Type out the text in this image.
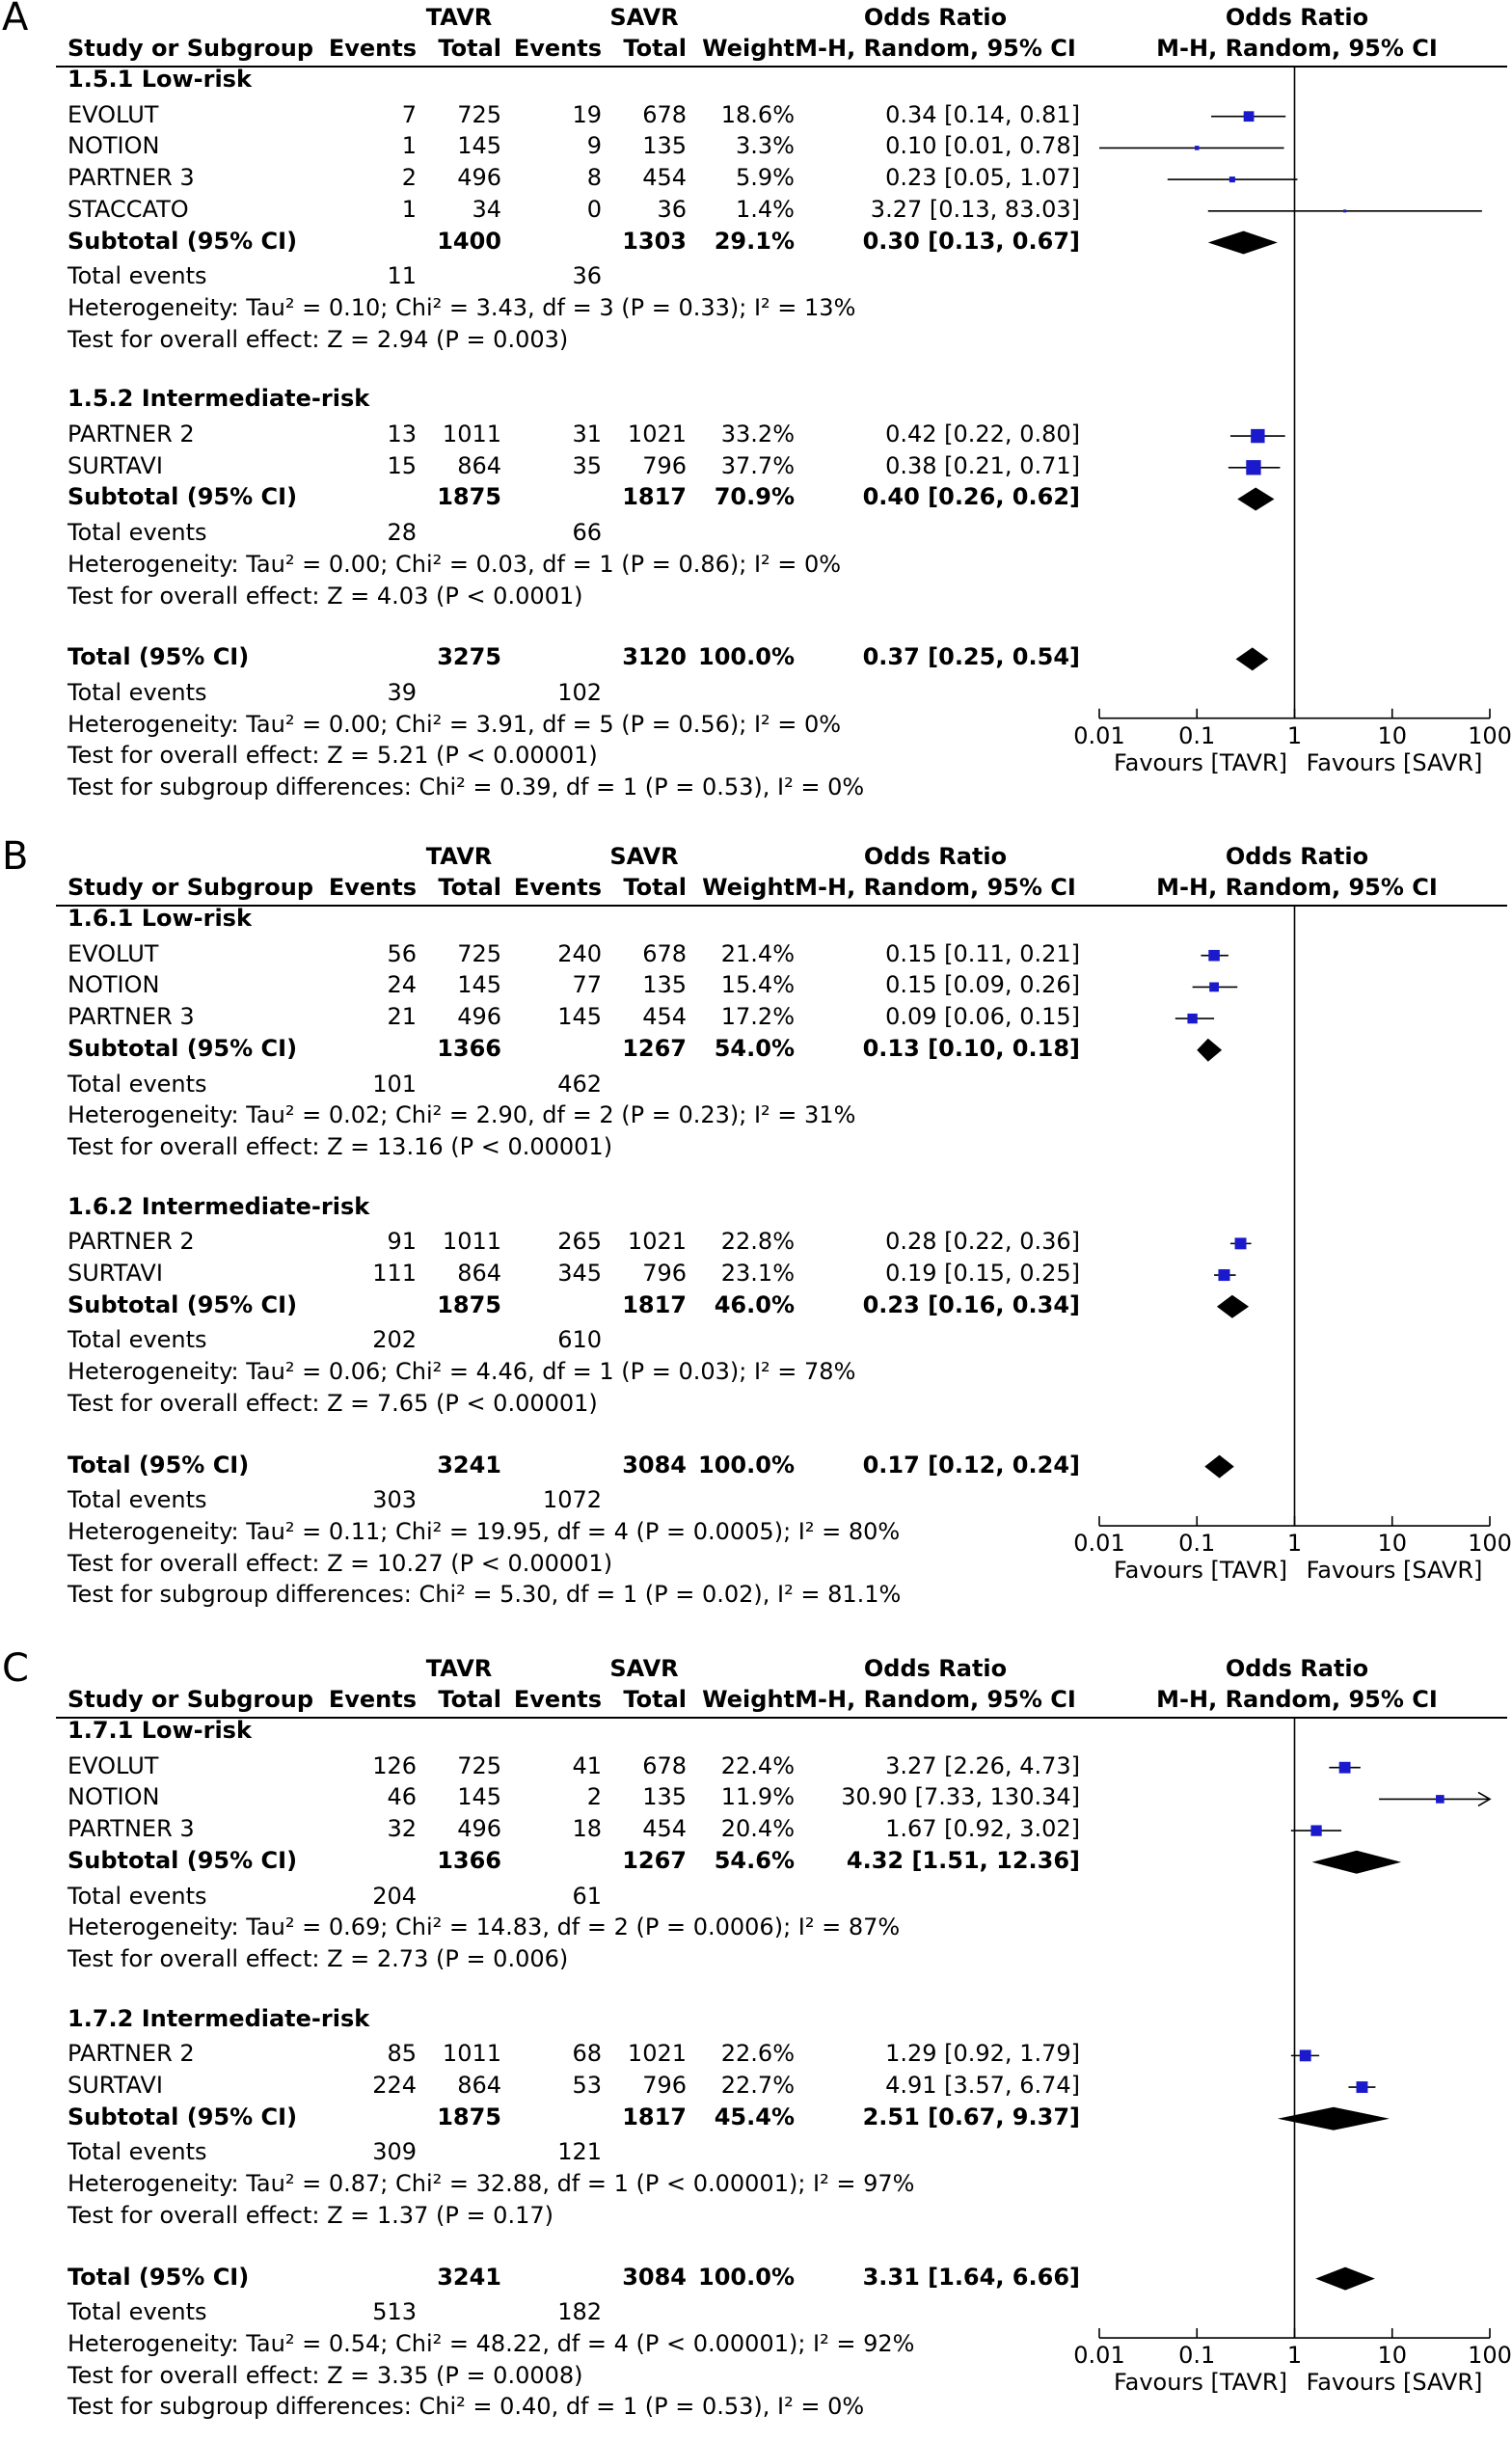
A	TAVR	SAVR	Odds Ratio	Odds Ratio
Study or Subgroup Events Total Events Total Weight M-H, Random, 95% CI	M-H, Random, 95% CI
1.5.1 Low-risk
EVOLUT	7	725	19	678	18.6%	0.34 [0.14, 0.81]
NOTION	1	145	9	135	3.3%	0.10 [0.01, 0.78]
PARTNER 3	2	496	8	454	5.9%	0.23 [0.05, 1.07]
STACCATO	1	34	0	36	1.4%	3.27 [0.13, 83.03]
Subtotal (95% CI)	1400	1303	29.1%	0.30 [0.13, 0.67]
Total events	11	36
Heterogeneity: Tau² = 0.10; Chi² = 3.43, df = 3 (P = 0.33); I² = 13%
Test for overall effect: Z = 2.94 (P = 0.003)
1.5.2 Intermediate-risk
PARTNER 2	13	1011	31	1021	33.2%	0.42 [0.22, 0.80]
SURTAVI	15	864	35	796	37.7%	0.38 [0.21, 0.71]
Subtotal (95% CI)	1875	1817	70.9%	0.40 [0.26, 0.62]
Total events	28	66
Heterogeneity: Tau² = 0.00; Chi² = 0.03, df = 1 (P = 0.86); I² = 0%
Test for overall effect: Z = 4.03 (P < 0.0001)
Total (95% CI)	3275	3120 100.0%	0.37 [0.25, 0.54]
Total events	39	102
Heterogeneity: Tau² = 0.00; Chi² = 3.91, df = 5 (P = 0.56); I² = 0%
Test for overall effect: Z = 5.21 (P < 0.00001)
Test for subgroup differences: Chi² = 0.39, df = 1 (P = 0.53), I² = 0%
0.01	0.1	1	10	100
Favours [TAVR] Favours [SAVR]
B	TAVR	SAVR	Odds Ratio	Odds Ratio
Study or Subgroup Events Total Events Total Weight M-H, Random, 95% CI	M-H, Random, 95% CI
1.6.1 Low-risk
EVOLUT	56	725	240	678	21.4%	0.15 [0.11, 0.21]
NOTION	24	145	77	135	15.4%	0.15 [0.09, 0.26]
PARTNER 3	21	496	145	454	17.2%	0.09 [0.06, 0.15]
Subtotal (95% CI)	1366	1267	54.0%	0.13 [0.10, 0.18]
Total events	101	462
Heterogeneity: Tau² = 0.02; Chi² = 2.90, df = 2 (P = 0.23); I² = 31%
Test for overall effect: Z = 13.16 (P < 0.00001)
1.6.2 Intermediate-risk
PARTNER 2	91	1011	265	1021	22.8%	0.28 [0.22, 0.36]
SURTAVI	111	864	345	796	23.1%	0.19 [0.15, 0.25]
Subtotal (95% CI)	1875	1817	46.0%	0.23 [0.16, 0.34]
Total events	202	610
Heterogeneity: Tau² = 0.06; Chi² = 4.46, df = 1 (P = 0.03); I² = 78%
Test for overall effect: Z = 7.65 (P < 0.00001)
Total (95% CI)	3241	3084 100.0%	0.17 [0.12, 0.24]
Total events	303	1072
Heterogeneity: Tau² = 0.11; Chi² = 19.95, df = 4 (P = 0.0005); I² = 80%
Test for overall effect: Z = 10.27 (P < 0.00001)
Test for subgroup differences: Chi² = 5.30, df = 1 (P = 0.02), I² = 81.1%
0.01	0.1	1	10	100
Favours [TAVR] Favours [SAVR]
C	TAVR	SAVR	Odds Ratio	Odds Ratio
Study or Subgroup Events Total Events Total Weight M-H, Random, 95% CI	M-H, Random, 95% CI
1.7.1 Low-risk
EVOLUT	126	725	41	678	22.4%	3.27 [2.26, 4.73]
NOTION	46	145	2	135	11.9%	30.90 [7.33, 130.34]
PARTNER 3	32	496	18	454	20.4%	1.67 [0.92, 3.02]
Subtotal (95% CI)	1366	1267	54.6%	4.32 [1.51, 12.36]
Total events	204	61
Heterogeneity: Tau² = 0.69; Chi² = 14.83, df = 2 (P = 0.0006); I² = 87%
Test for overall effect: Z = 2.73 (P = 0.006)
1.7.2 Intermediate-risk
PARTNER 2	85	1011	68	1021	22.6%	1.29 [0.92, 1.79]
SURTAVI	224	864	53	796	22.7%	4.91 [3.57, 6.74]
Subtotal (95% CI)	1875	1817	45.4%	2.51 [0.67, 9.37]
Total events	309	121
Heterogeneity: Tau² = 0.87; Chi² = 32.88, df = 1 (P < 0.00001); I² = 97%
Test for overall effect: Z = 1.37 (P = 0.17)
Total (95% CI)	3241	3084 100.0%	3.31 [1.64, 6.66]
Total events	513	182
Heterogeneity: Tau² = 0.54; Chi² = 48.22, df = 4 (P < 0.00001); I² = 92%
Test for overall effect: Z = 3.35 (P = 0.0008)
Test for subgroup differences: Chi² = 0.40, df = 1 (P = 0.53), I² = 0%
0.01	0.1	1	10	100
Favours [TAVR] Favours [SAVR]
